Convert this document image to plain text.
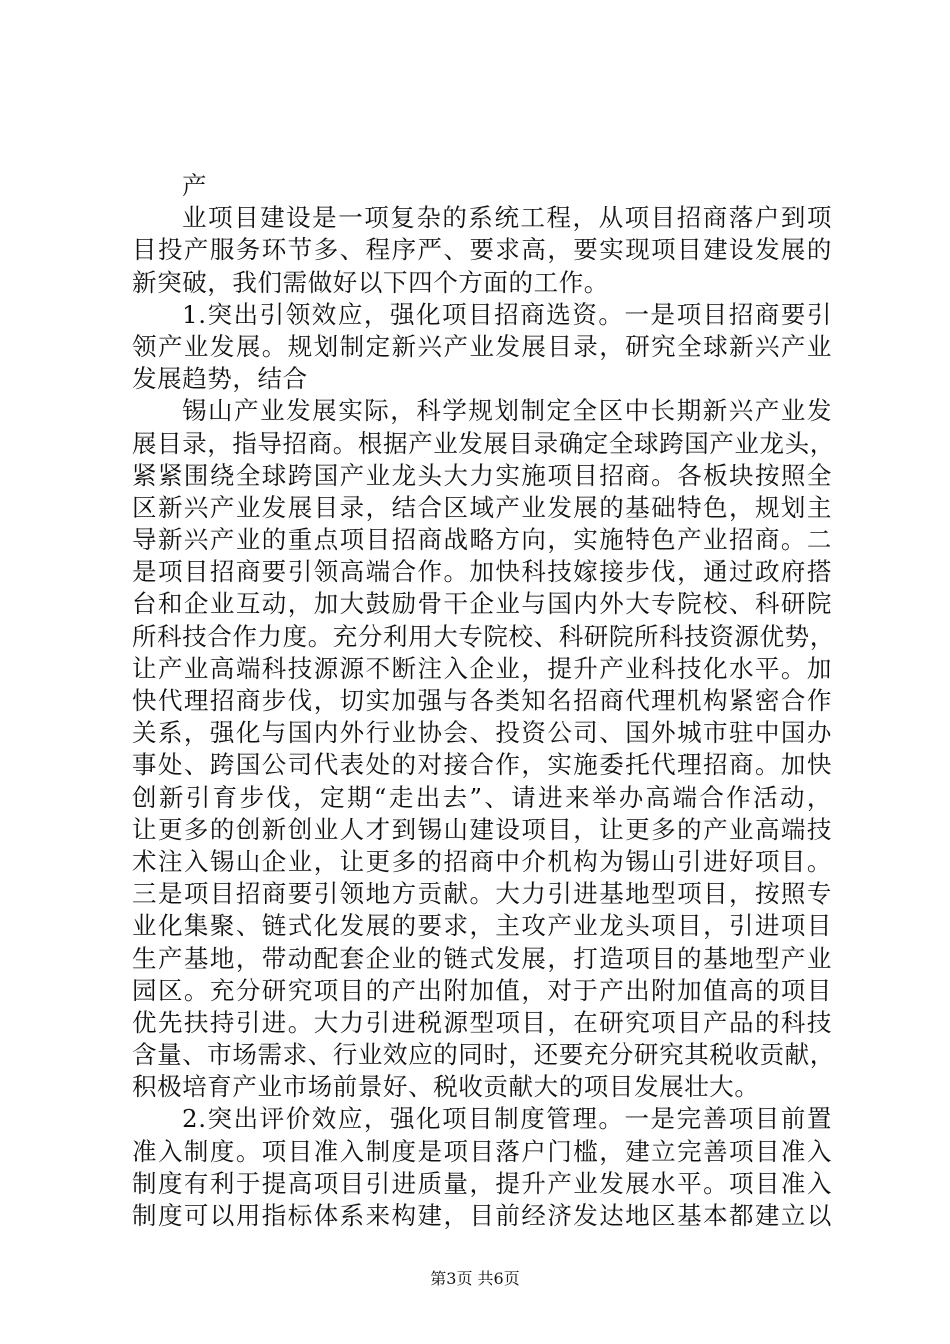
产
业项目建设是一项复杂的系统工程，从项目招商落户到项
目投产服务环节多、程序严、要求高，要实现项目建设发展的
新突破，我们需做好以下四个方面的工作。
1.突出引领效应，强化项目招商选资。一是项目招商要引
领产业发展。规划制定新兴产业发展目录，研究全球新兴产业
发展趋势，结合
锡山产业发展实际，科学规划制定全区中长期新兴产业发
展目录，指导招商。根据产业发展目录确定全球跨国产业龙头，
紧紧围绕全球跨国产业龙头大力实施项目招商。各板块按照全
区新兴产业发展目录，结合区域产业发展的基础特色，规划主
导新兴产业的重点项目招商战略方向，实施特色产业招商。二
是项目招商要引领高端合作。加快科技嫁接步伐，通过政府搭
台和企业互动，加大鼓励骨干企业与国内外大专院校、科研院
所科技合作力度。充分利用大专院校、科研院所科技资源优势，
让产业高端科技源源不断注入企业，提升产业科技化水平。加
快代理招商步伐，切实加强与各类知名招商代理机构紧密合作
关系，强化与国内外行业协会、投资公司、国外城市驻中国办
事处、跨国公司代表处的对接合作，实施委托代理招商。加快
创新引育步伐，定期“走出去”、请进来举办高端合作活动，
让更多的创新创业人才到锡山建设项目，让更多的产业高端技
术注入锡山企业，让更多的招商中介机构为锡山引进好项目。
三是项目招商要引领地方贡献。大力引进基地型项目，按照专
业化集聚、链式化发展的要求，主攻产业龙头项目，引进项目
生产基地，带动配套企业的链式发展，打造项目的基地型产业
园区。充分研究项目的产出附加值，对于产出附加值高的项目
优先扶持引进。大力引进税源型项目，在研究项目产品的科技
含量、市场需求、行业效应的同时，还要充分研究其税收贡献，
积极培育产业市场前景好、税收贡献大的项目发展壮大。
2.突出评价效应，强化项目制度管理。一是完善项目前置
准入制度。项目准入制度是项目落户门槛，建立完善项目准入
制度有利于提高项目引进质量，提升产业发展水平。项目准入
制度可以用指标体系来构建，目前经济发达地区基本都建立以
第3页 共6页
